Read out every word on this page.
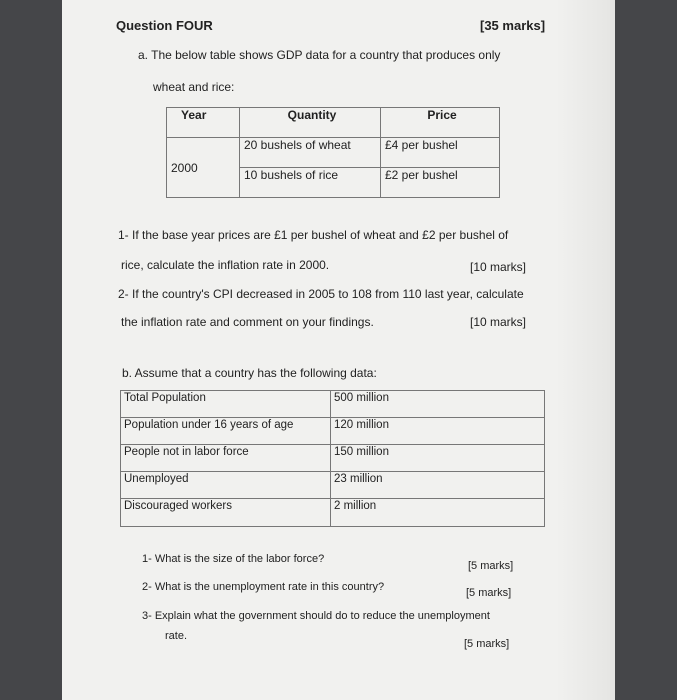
Question FOUR	[35 marks]
a. The below table shows GDP data for a country that produces only
wheat and rice:
Year	Quantity	Price
2000	20 bushels of wheat	£4 per bushel
	10 bushels of rice	£2 per bushel
1- If the base year prices are £1 per bushel of wheat and £2 per bushel of
rice, calculate the inflation rate in 2000.	[10 marks]
2- If the country's CPI decreased in 2005 to 108 from 110 last year, calculate
the inflation rate and comment on your findings.	[10 marks]
b. Assume that a country has the following data:
Total Population	500 million
Population under 16 years of age	120 million
People not in labor force	150 million
Unemployed	23 million
Discouraged workers	2 million
1- What is the size of the labor force?
[5 marks]
2- What is the unemployment rate in this country?	[5 marks]
3- Explain what the government should do to reduce the unemployment
rate.
[5 marks]
